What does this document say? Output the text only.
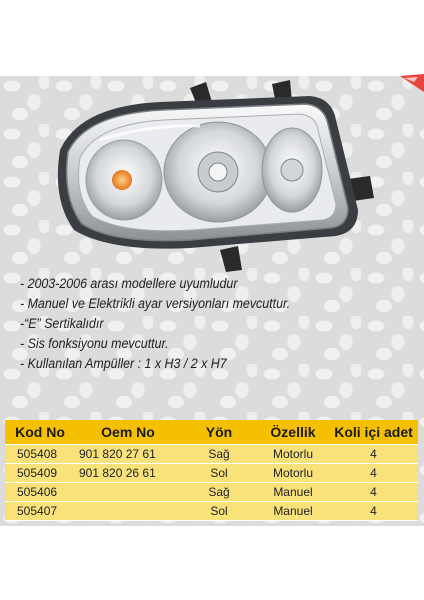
- 2003-2006 arası modellere uyumludur
- Manuel ve Elektrikli ayar versiyonları mevcuttur.
-“E” Sertikalıdır
- Sis fonksiyonu mevcuttur.
- Kullanılan Ampüller : 1 x H3 / 2 x H7
Kod No	Oem No	Yön	Özellik	Koli içi adet
505408	901 820 27 61	Sağ	Motorlu	4
505409	901 820 26 61	Sol	Motorlu	4
505406		Sağ	Manuel	4
505407		Sol	Manuel	4
